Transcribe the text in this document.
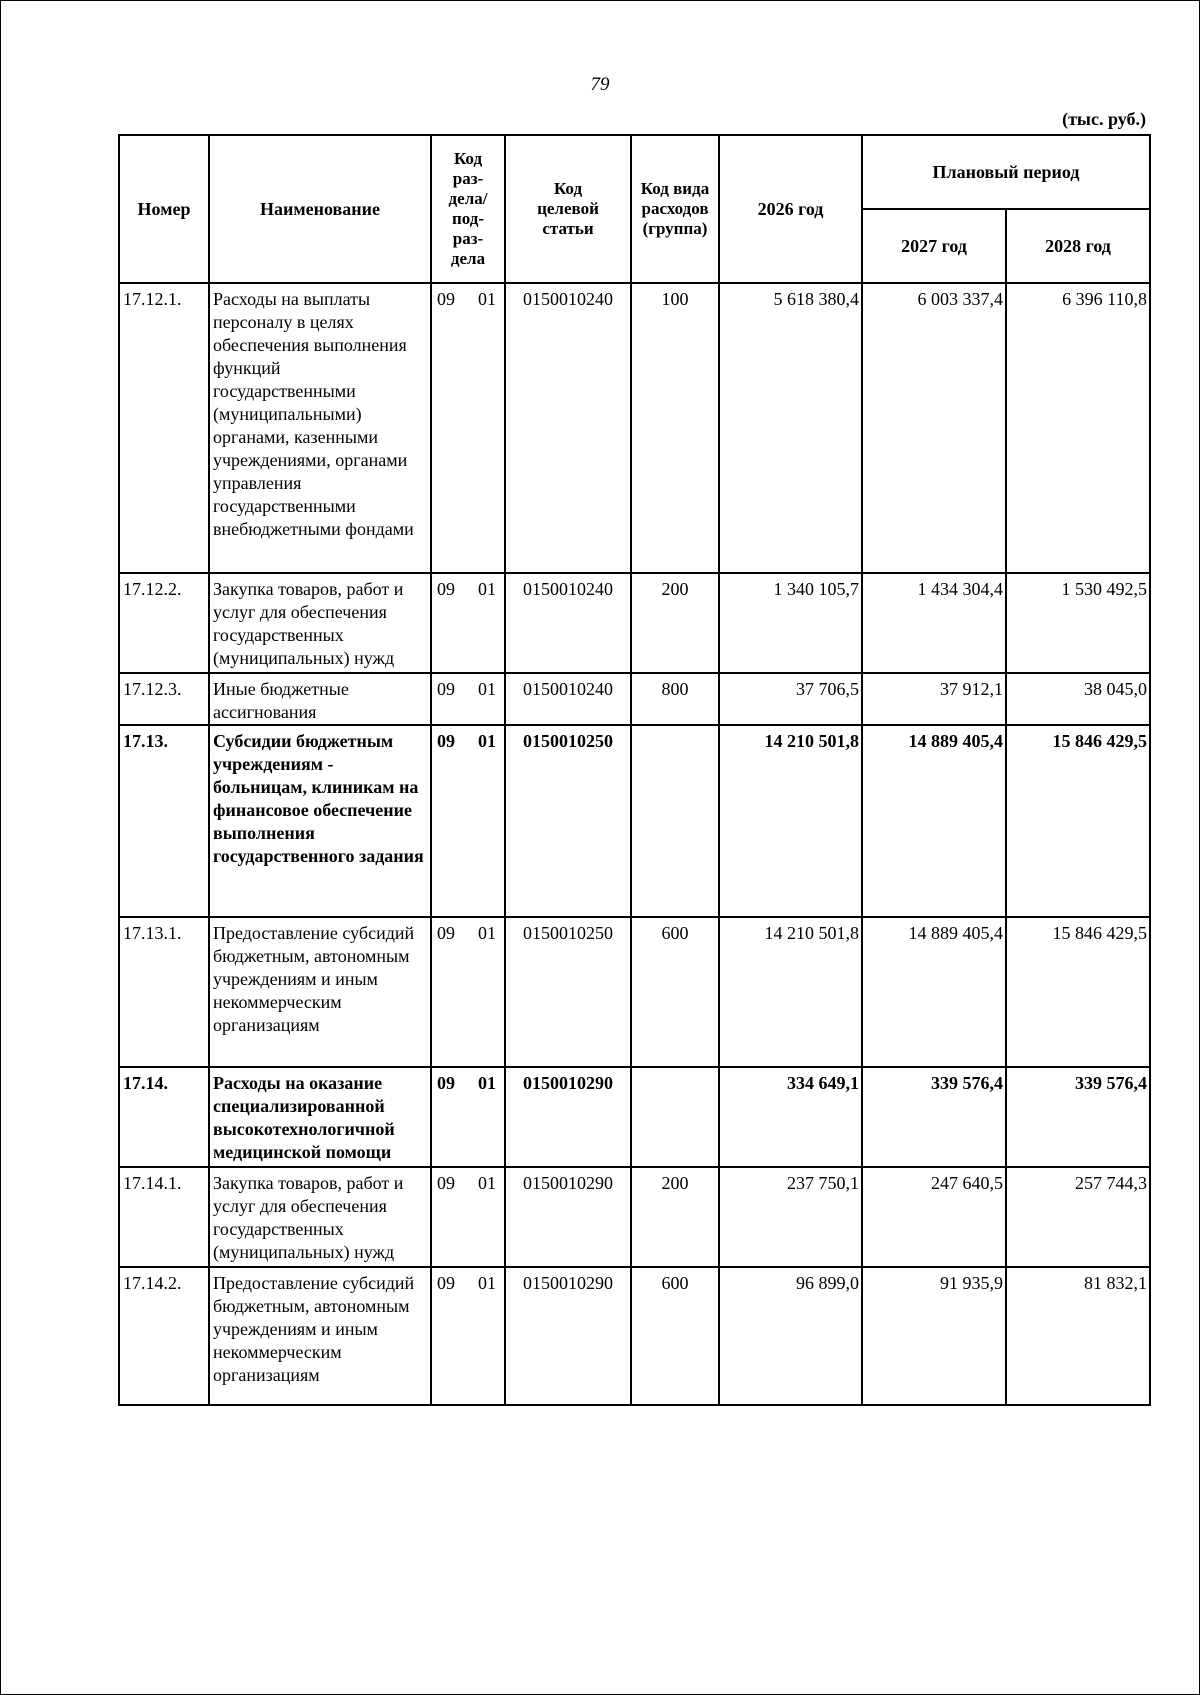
79
(тыс. руб.)
Номер	Наименование	Код раз-дела/ под-раз-дела	Код целевой статьи	Код вида расходов (группа)	2026 год	Плановый период	
						2027 год	2028 год
17.12.1.	Расходы на выплаты персоналу в целях обеспечения выполнения функций государственными (муниципальными) органами, казенными учреждениями, органами управления государственными внебюджетными фондами	09 01	0150010240	100	5 618 380,4	6 003 337,4	6 396 110,8
17.12.2.	Закупка товаров, работ и услуг для обеспечения государственных (муниципальных) нужд	09 01	0150010240	200	1 340 105,7	1 434 304,4	1 530 492,5
17.12.3.	Иные бюджетные ассигнования	09 01	0150010240	800	37 706,5	37 912,1	38 045,0
17.13.	Субсидии бюджетным учреждениям - больницам, клиникам на финансовое обеспечение выполнения государственного задания	09 01	0150010250		14 210 501,8	14 889 405,4	15 846 429,5
17.13.1.	Предоставление субсидий бюджетным, автономным учреждениям и иным некоммерческим организациям	09 01	0150010250	600	14 210 501,8	14 889 405,4	15 846 429,5
17.14.	Расходы на оказание специализированной высокотехнологичной медицинской помощи	09 01	0150010290		334 649,1	339 576,4	339 576,4
17.14.1.	Закупка товаров, работ и услуг для обеспечения государственных (муниципальных) нужд	09 01	0150010290	200	237 750,1	247 640,5	257 744,3
17.14.2.	Предоставление субсидий бюджетным, автономным учреждениям и иным некоммерческим организациям	09 01	0150010290	600	96 899,0	91 935,9	81 832,1
